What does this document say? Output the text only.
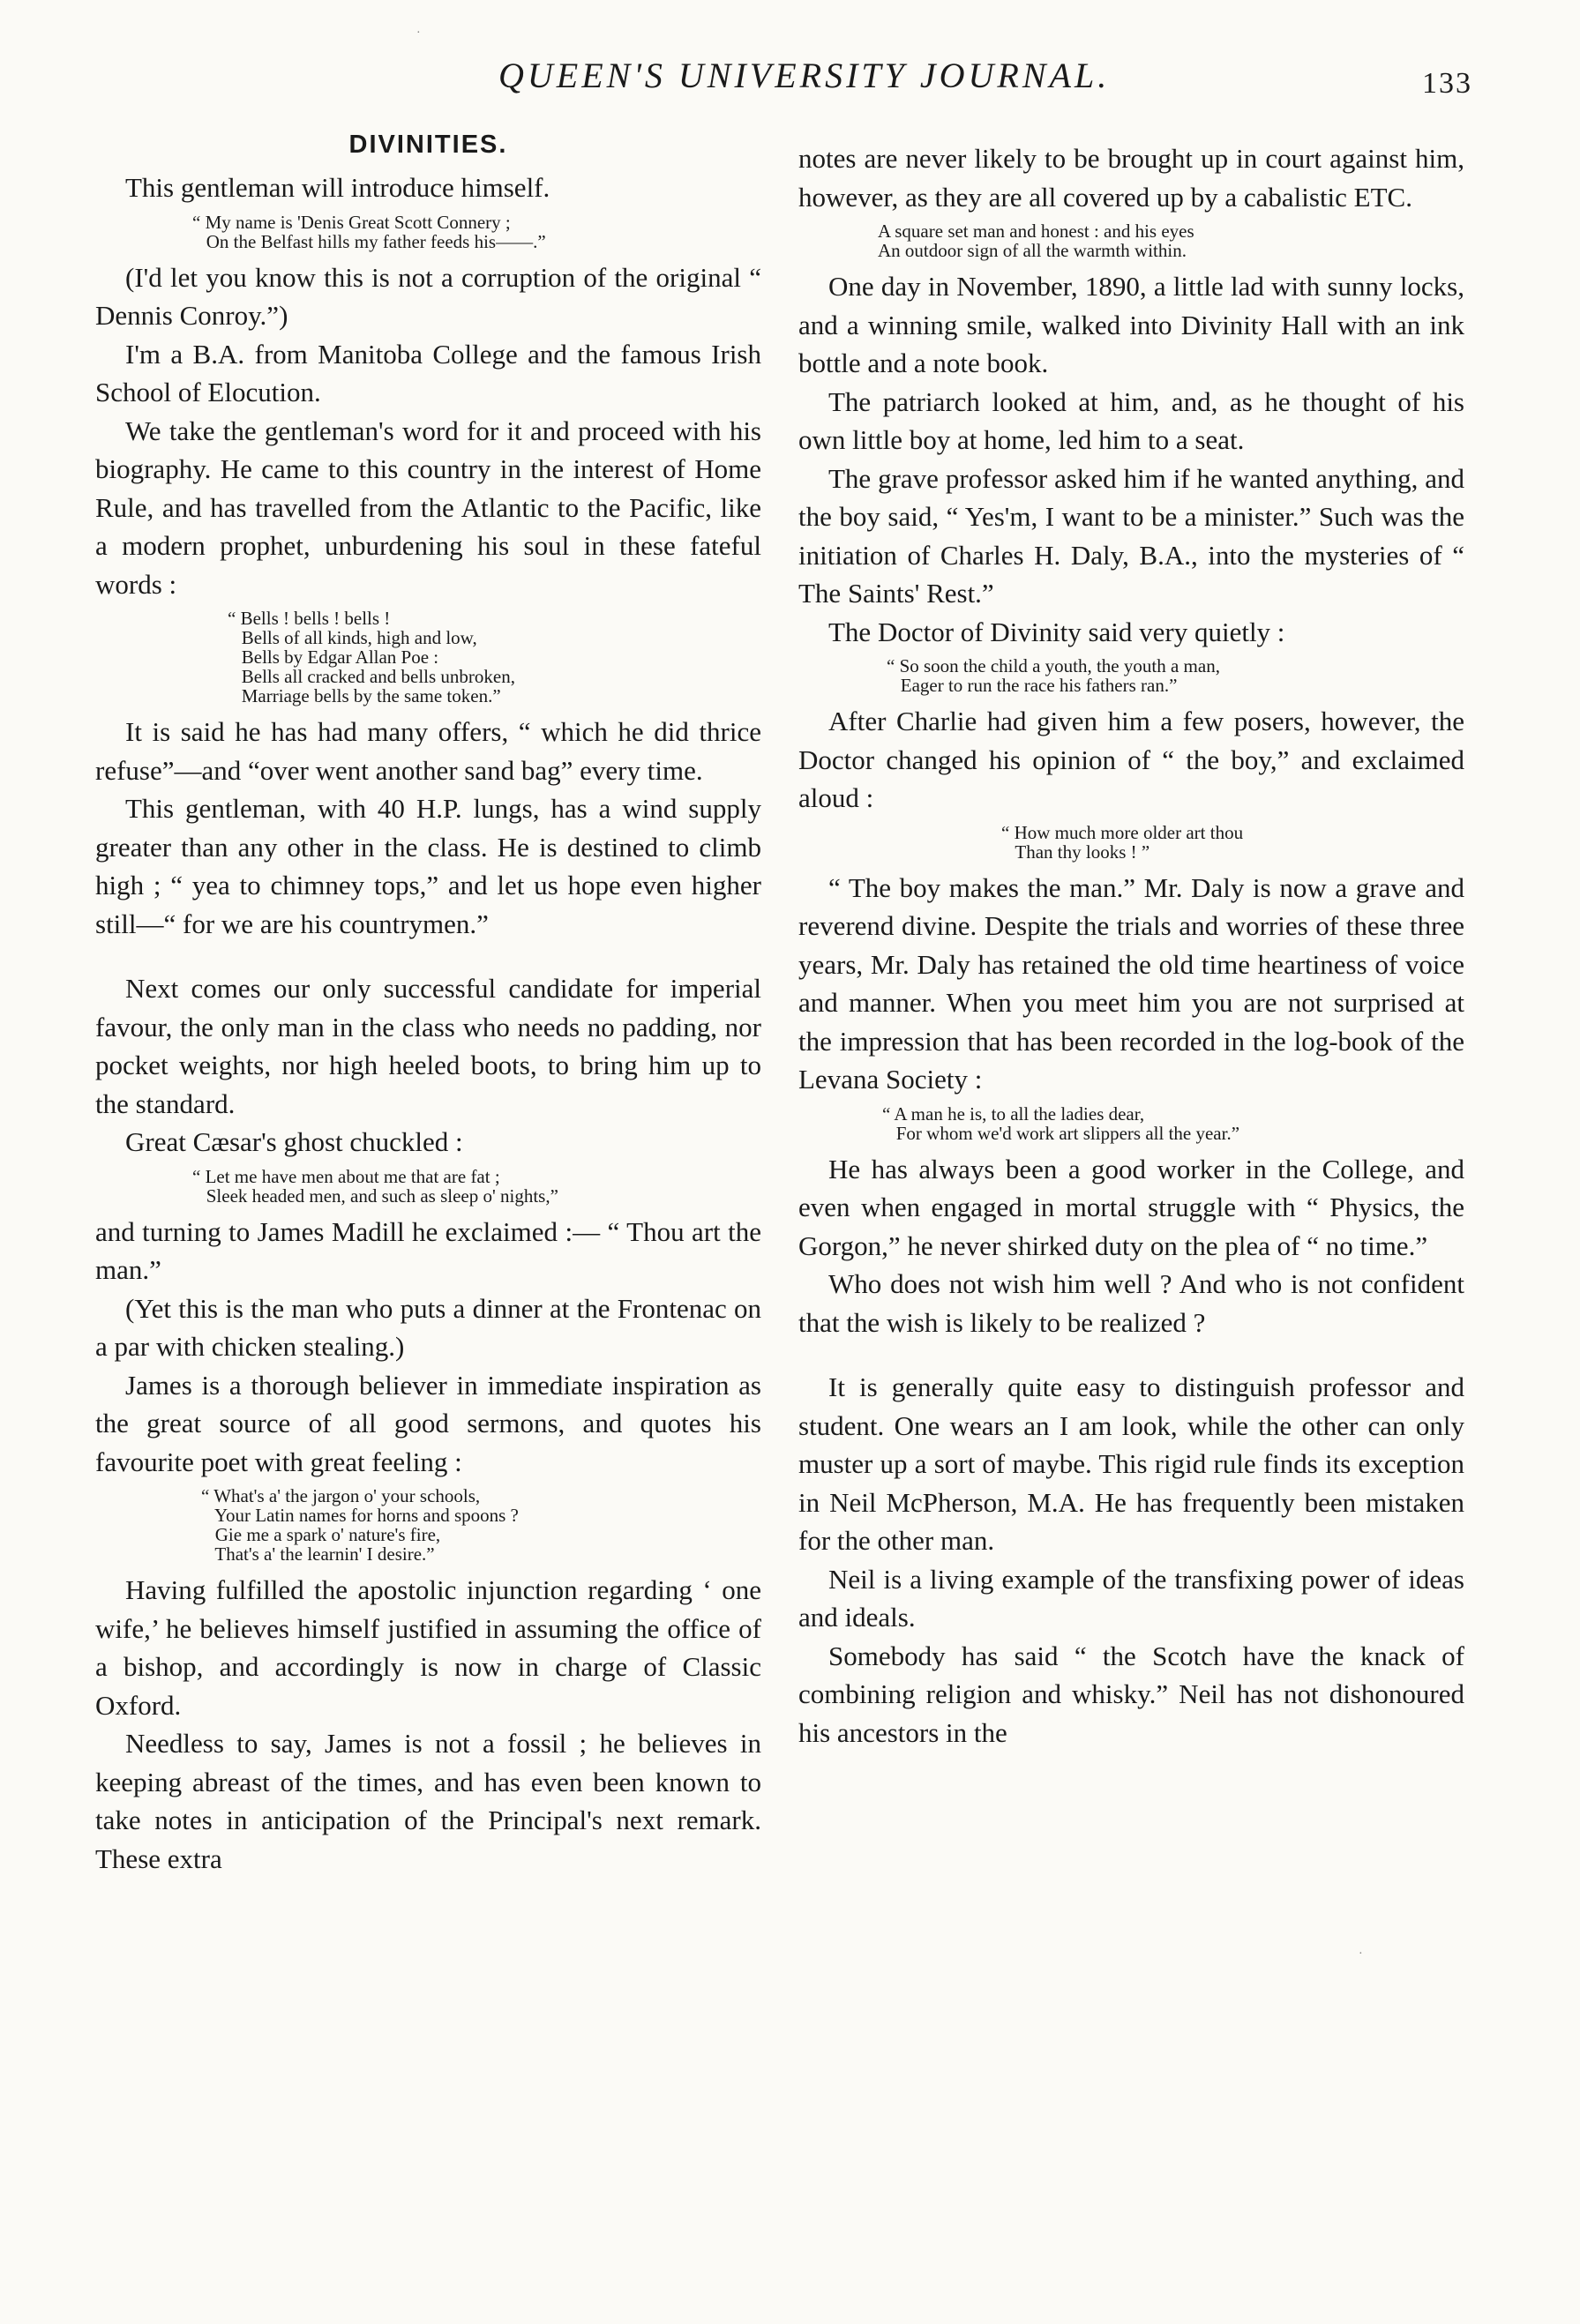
QUEEN'S UNIVERSITY JOURNAL.	133
DIVINITIES.

This gentleman will introduce himself.

“ My name is 'Denis Great Scott Connery ;
On the Belfast hills my father feeds his——.”

(I'd let you know this is not a corruption of the original “ Dennis Conroy.”)

I'm a B.A. from Manitoba College and the famous Irish School of Elocution.

We take the gentleman's word for it and proceed with his biography. He came to this country in the interest of Home Rule, and has travelled from the Atlantic to the Pacific, like a modern prophet, unburdening his soul in these fateful words :

“ Bells ! bells ! bells !
Bells of all kinds, high and low,
Bells by Edgar Allan Poe :
Bells all cracked and bells unbroken,
Marriage bells by the same token.”

It is said he has had many offers, “ which he did thrice refuse”—and “over went another sand bag” every time.

This gentleman, with 40 H.P. lungs, has a wind supply greater than any other in the class. He is destined to climb high ; “ yea to chimney tops,” and let us hope even higher still—“ for we are his countrymen.”

Next comes our only successful candidate for imperial favour, the only man in the class who needs no padding, nor pocket weights, nor high heeled boots, to bring him up to the standard.

Great Cæsar's ghost chuckled :

“ Let me have men about me that are fat ;
Sleek headed men, and such as sleep o' nights,”

and turning to James Madill he exclaimed :— “ Thou art the man.”

(Yet this is the man who puts a dinner at the Frontenac on a par with chicken stealing.)

James is a thorough believer in immediate inspiration as the great source of all good sermons, and quotes his favourite poet with great feeling :

“ What's a' the jargon o' your schools,
Your Latin names for horns and spoons ?
Gie me a spark o' nature's fire,
That's a' the learnin' I desire.”

Having fulfilled the apostolic injunction regarding ‘ one wife,’ he believes himself justified in assuming the office of a bishop, and accordingly is now in charge of Classic Oxford.

Needless to say, James is not a fossil ; he believes in keeping abreast of the times, and has even been known to take notes in anticipation of the Principal's next remark. These extra

notes are never likely to be brought up in court against him, however, as they are all covered up by a cabalistic ETC.

A square set man and honest : and his eyes
An outdoor sign of all the warmth within.

One day in November, 1890, a little lad with sunny locks, and a winning smile, walked into Divinity Hall with an ink bottle and a note book.

The patriarch looked at him, and, as he thought of his own little boy at home, led him to a seat.

The grave professor asked him if he wanted anything, and the boy said, “ Yes'm, I want to be a minister.” Such was the initiation of Charles H. Daly, B.A., into the mysteries of “ The Saints' Rest.”

The Doctor of Divinity said very quietly :

“ So soon the child a youth, the youth a man,
Eager to run the race his fathers ran.”

After Charlie had given him a few posers, however, the Doctor changed his opinion of “ the boy,” and exclaimed aloud :

“ How much more older art thou
Than thy looks ! ”

“ The boy makes the man.” Mr. Daly is now a grave and reverend divine. Despite the trials and worries of these three years, Mr. Daly has retained the old time heartiness of voice and manner. When you meet him you are not surprised at the impression that has been recorded in the log-book of the Levana Society :

“ A man he is, to all the ladies dear,
For whom we'd work art slippers all the year.”

He has always been a good worker in the College, and even when engaged in mortal struggle with “ Physics, the Gorgon,” he never shirked duty on the plea of “ no time.”

Who does not wish him well ? And who is not confident that the wish is likely to be realized ?

It is generally quite easy to distinguish professor and student. One wears an I am look, while the other can only muster up a sort of maybe. This rigid rule finds its exception in Neil McPherson, M.A. He has frequently been mistaken for the other man.

Neil is a living example of the transfixing power of ideas and ideals.

Somebody has said “ the Scotch have the knack of combining religion and whisky.” Neil has not dishonoured his ancestors in the

·
·
